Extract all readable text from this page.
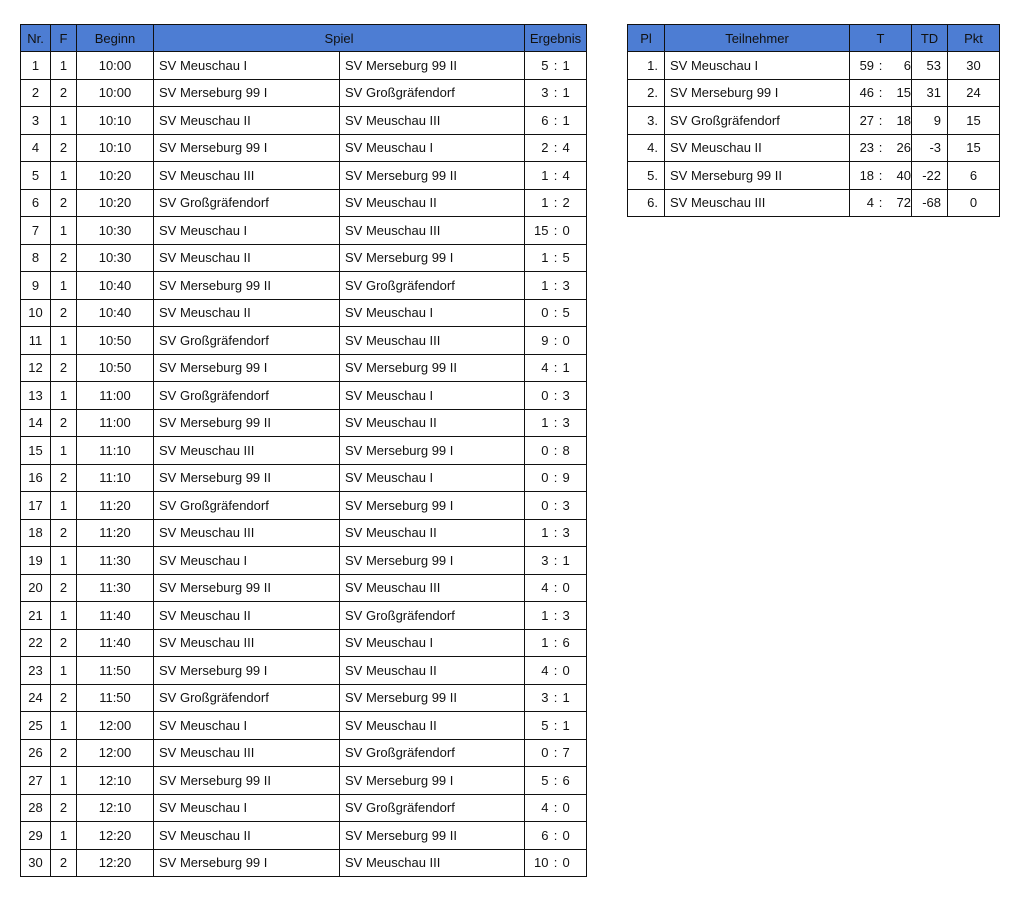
Nr.	F	Beginn	Spiel		Ergebnis
1	1	10:00	SV Meuschau I	SV Merseburg 99 II	5 : 1

2	2	10:00	SV Merseburg 99 I	SV Großgräfendorf	3 : 1

3	1	10:10	SV Meuschau II	SV Meuschau III	6 : 1

4	2	10:10	SV Merseburg 99 I	SV Meuschau I	2 : 4

5	1	10:20	SV Meuschau III	SV Merseburg 99 II	1 : 4

6	2	10:20	SV Großgräfendorf	SV Meuschau II	1 : 2

7	1	10:30	SV Meuschau I	SV Meuschau III	15 : 0

8	2	10:30	SV Meuschau II	SV Merseburg 99 I	1 : 5

9	1	10:40	SV Merseburg 99 II	SV Großgräfendorf	1 : 3

10	2	10:40	SV Meuschau II	SV Meuschau I	0 : 5

11	1	10:50	SV Großgräfendorf	SV Meuschau III	9 : 0

12	2	10:50	SV Merseburg 99 I	SV Merseburg 99 II	4 : 1

13	1	11:00	SV Großgräfendorf	SV Meuschau I	0 : 3

14	2	11:00	SV Merseburg 99 II	SV Meuschau II	1 : 3

15	1	11:10	SV Meuschau III	SV Merseburg 99 I	0 : 8

16	2	11:10	SV Merseburg 99 II	SV Meuschau I	0 : 9

17	1	11:20	SV Großgräfendorf	SV Merseburg 99 I	0 : 3

18	2	11:20	SV Meuschau III	SV Meuschau II	1 : 3

19	1	11:30	SV Meuschau I	SV Merseburg 99 I	3 : 1

20	2	11:30	SV Merseburg 99 II	SV Meuschau III	4 : 0

21	1	11:40	SV Meuschau II	SV Großgräfendorf	1 : 3

22	2	11:40	SV Meuschau III	SV Meuschau I	1 : 6

23	1	11:50	SV Merseburg 99 I	SV Meuschau II	4 : 0

24	2	11:50	SV Großgräfendorf	SV Merseburg 99 II	3 : 1

25	1	12:00	SV Meuschau I	SV Meuschau II	5 : 1

26	2	12:00	SV Meuschau III	SV Großgräfendorf	0 : 7

27	1	12:10	SV Merseburg 99 II	SV Merseburg 99 I	5 : 6

28	2	12:10	SV Meuschau I	SV Großgräfendorf	4 : 0

29	1	12:20	SV Meuschau II	SV Merseburg 99 II	6 : 0

30	2	12:20	SV Merseburg 99 I	SV Meuschau III	10 : 0
Pl	Teilnehmer	T	TD	Pkt
1.	SV Meuschau I	59 : 6	53	30
2.	SV Merseburg 99 I	46 : 15	31	24
3.	SV Großgräfendorf	27 : 18	9	15
4.	SV Meuschau II	23 : 26	-3	15
5.	SV Merseburg 99 II	18 : 40	-22	6
6.	SV Meuschau III	4 : 72	-68	0
